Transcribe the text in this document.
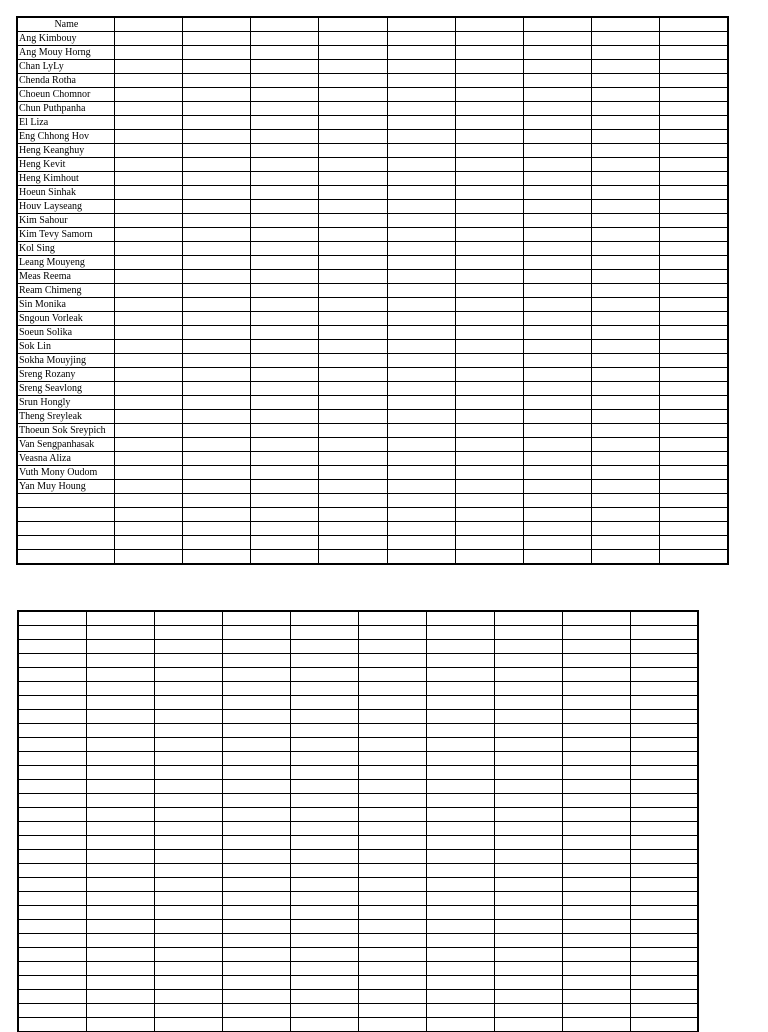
Name									
Ang Kimbouy									
Ang Mouy Horng									
Chan LyLy									
Chenda Rotha									
Choeun Chomnor									
Chun Puthpanha									
El Liza									
Eng Chhong Hov									
Heng Keanghuy									
Heng Kevit									
Heng Kimhout									
Hoeun Sinhak									
Houv Layseang									
Kim Sahour									
Kim Tevy Samorn									
Kol Sing									
Leang Mouyeng									
Meas Reema									
Ream Chimeng									
Sin Monika									
Sngoun Vorleak									
Soeun Solika									
Sok Lin									
Sokha Mouyjing									
Sreng Rozany									
Sreng Seavlong									
Srun Hongly									
Theng Sreyleak									
Thoeun Sok Sreypich									
Van Sengpanhasak									
Veasna Aliza									
Vuth Mony Oudom									
Yan Muy Houng									
